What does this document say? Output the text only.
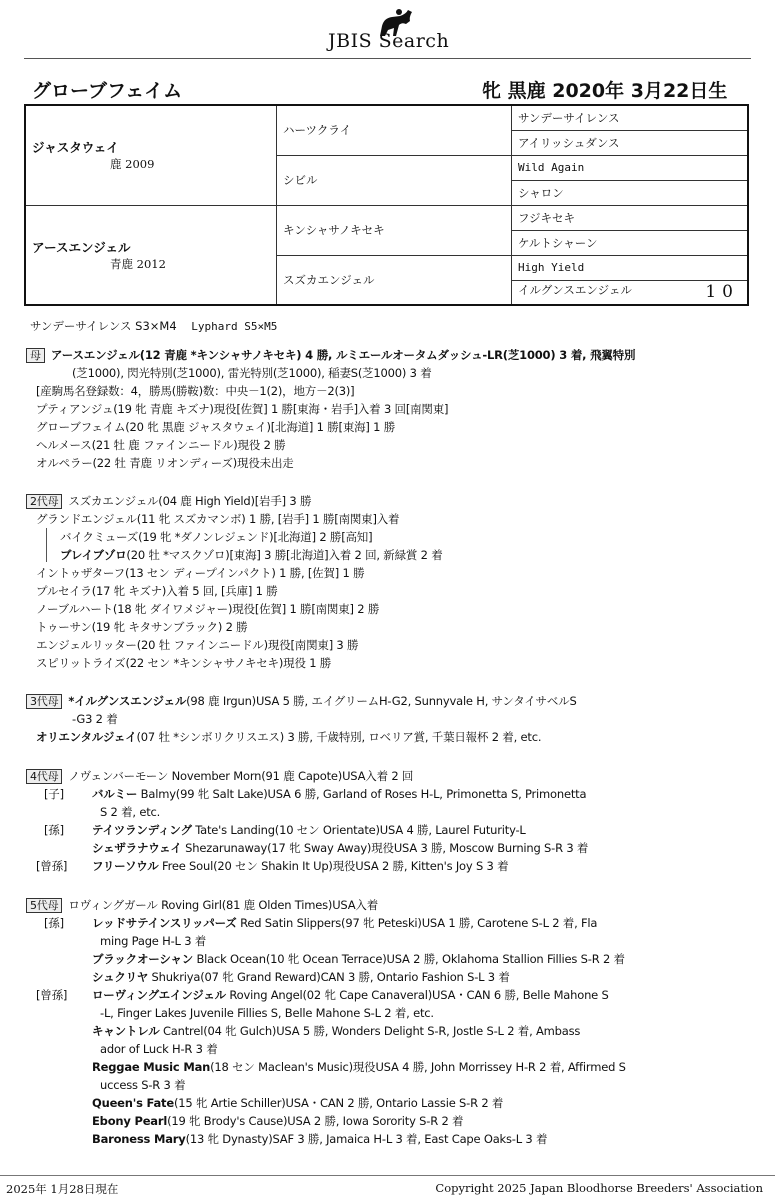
JBIS Search
グローブフェイム	牝 黒鹿 2020年 3月22日生
ジャスタウェイ
鹿 2009	ハーツクライ	サンデーサイレンス
		アイリッシュダンス
	シビル	Wild Again
		シャロン

アースエンジェル
青鹿 2012	キンシャサノキセキ	フジキセキ
		ケルトシャーン
	スズカエンジェル	High Yield
		イルグンスエンジェル 10
サンデーサイレンス S3×M4 Lyphard S5×M5
母 アースエンジェル(12 青鹿 *キンシャサノキセキ) 4 勝, ルミエールオータムダッシュ-LR(芝1000) 3 着, 飛翼特別
(芝1000), 閃光特別(芝1000), 雷光特別(芝1000), 稲妻S(芝1000) 3 着
[産駒馬名登録数：4，勝馬(勝鞍)数：中央－1(2)，地方－2(3)]
プティアンジュ(19 牝 青鹿 キズナ)現役[佐賀] 1 勝[東海・岩手]入着 3 回[南関東]
グローブフェイム(20 牝 黒鹿 ジャスタウェイ)[北海道] 1 勝[東海] 1 勝
ヘルメース(21 牡 鹿 ファインニードル)現役 2 勝
オルペラー(22 牡 青鹿 リオンディーズ)現役未出走
2代母 スズカエンジェル(04 鹿 High Yield)[岩手] 3 勝
グランドエンジェル(11 牝 スズカマンボ) 1 勝, [岩手] 1 勝[南関東]入着
バイクミューズ(19 牝 *ダノンレジェンド)[北海道] 2 勝[高知]
ブレイブゾロ(20 牡 *マスクゾロ)[東海] 3 勝[北海道]入着 2 回, 新緑賞 2 着
イントゥザターフ(13 セン ディープインパクト) 1 勝, [佐賀] 1 勝
プルセイラ(17 牝 キズナ)入着 5 回, [兵庫] 1 勝
ノーブルハート(18 牝 ダイワメジャー)現役[佐賀] 1 勝[南関東] 2 勝
トゥーサン(19 牝 キタサンブラック) 2 勝
エンジェルリッター(20 牡 ファインニードル)現役[南関東] 3 勝
スピリットライズ(22 セン *キンシャサノキセキ)現役 1 勝
3代母 *イルグンスエンジェル(98 鹿 Irgun)USA 5 勝, エイグリームH-G2, Sunnyvale H, サンタイサベルS
-G3 2 着
オリエンタルジェイ(07 牡 *シンボリクリスエス) 3 勝, 千歳特別, ロベリア賞, 千葉日報杯 2 着, etc.
4代母 ノヴェンバーモーン November Morn(91 鹿 Capote)USA入着 2 回
[子] バルミー Balmy(99 牝 Salt Lake)USA 6 勝, Garland of Roses H-L, Primonetta S, Primonetta
S 2 着, etc.
[孫] テイツランディング Tate's Landing(10 セン Orientate)USA 4 勝, Laurel Futurity-L
シェザラナウェイ Shezarunaway(17 牝 Sway Away)現役USA 3 勝, Moscow Burning S-R 3 着
[曾孫] フリーソウル Free Soul(20 セン Shakin It Up)現役USA 2 勝, Kitten's Joy S 3 着
5代母 ロヴィングガール Roving Girl(81 鹿 Olden Times)USA入着
[孫] レッドサテインスリッパーズ Red Satin Slippers(97 牝 Peteski)USA 1 勝, Carotene S-L 2 着, Fla
ming Page H-L 3 着
ブラックオーシャン Black Ocean(10 牝 Ocean Terrace)USA 2 勝, Oklahoma Stallion Fillies S-R 2 着
シュクリヤ Shukriya(07 牝 Grand Reward)CAN 3 勝, Ontario Fashion S-L 3 着
[曾孫] ローヴィングエインジェル Roving Angel(02 牝 Cape Canaveral)USA・CAN 6 勝, Belle Mahone S
-L, Finger Lakes Juvenile Fillies S, Belle Mahone S-L 2 着, etc.
キャントレル Cantrel(04 牝 Gulch)USA 5 勝, Wonders Delight S-R, Jostle S-L 2 着, Ambass
ador of Luck H-R 3 着
Reggae Music Man(18 セン Maclean's Music)現役USA 4 勝, John Morrissey H-R 2 着, Affirmed S
uccess S-R 3 着
Queen's Fate(15 牝 Artie Schiller)USA・CAN 2 勝, Ontario Lassie S-R 2 着
Ebony Pearl(19 牝 Brody's Cause)USA 2 勝, Iowa Sorority S-R 2 着
Baroness Mary(13 牝 Dynasty)SAF 3 勝, Jamaica H-L 3 着, East Cape Oaks-L 3 着
2025年 1月28日現在	Copyright 2025 Japan Bloodhorse Breeders' Association
